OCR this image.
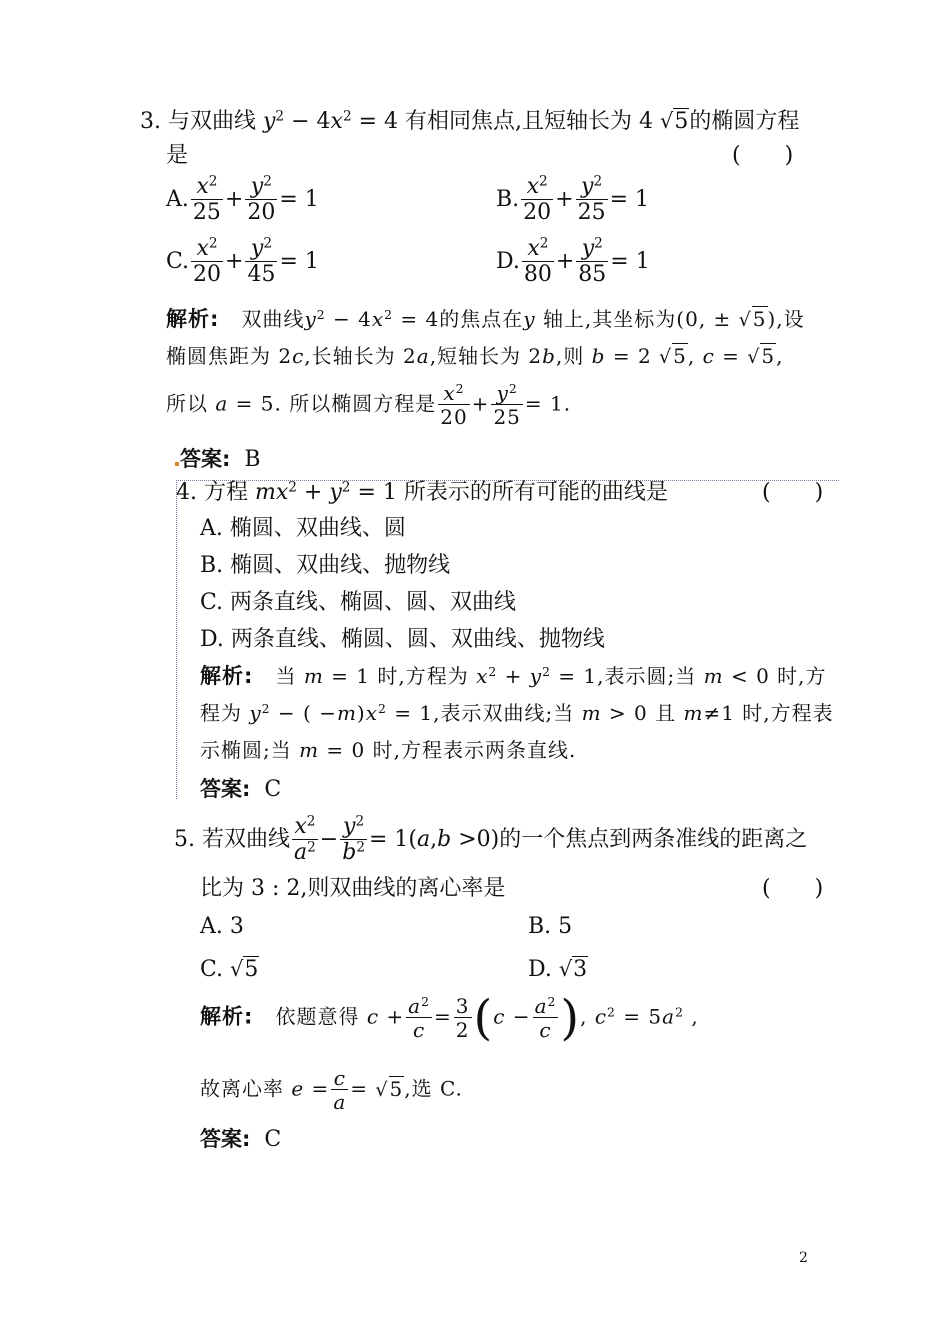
3. 与双曲线 $y^2 - 4x^2 = 4$ 有相同焦点,且短轴长为 4 √5的椭圆方程
是	(　　)
A. $\frac{x^2}{25} + \frac{y^2}{20} = 1$	B. $\frac{x^2}{20} + \frac{y^2}{25} = 1$
C. $\frac{x^2}{20} + \frac{y^2}{45} = 1$	D. $\frac{x^2}{80} + \frac{y^2}{85} = 1$
解析: 双曲线$y^2 - 4x^2 = 4$的焦点在y 轴上,其坐标为(0, ± √5),设
椭圆焦距为 2c,长轴长为 2a,短轴长为 2b,则 b = 2 √5, c = √5,
所以 a = 5. 所以椭圆方程是 $\frac{x^2}{20} + \frac{y^2}{25} = 1$.
答案: B
4. 方程 $mx^2 + y^2 = 1$ 所表示的所有可能的曲线是	(　　)
A. 椭圆、双曲线、圆
B. 椭圆、双曲线、抛物线
C. 两条直线、椭圆、圆、双曲线
D. 两条直线、椭圆、圆、双曲线、抛物线
解析: 当 m = 1 时,方程为 $x^2 + y^2 = 1$,表示圆;当 m < 0 时,方
程为 $y^2$ − ( $-m)x^2 = 1$,表示双曲线;当 m > 0 且 m≠1 时,方程表
示椭圆;当 m = 0 时,方程表示两条直线.
答案: C
5. 若双曲线 $\frac{x^2}{a^2} - \frac{y^2}{b^2} = 1(a,b >0)$的一个焦点到两条准线的距离之
比为 3 : 2,则双曲线的离心率是	(　　)
A. 3	B. 5
C. √5	D. √3
解析: 依题意得 $c + \frac{a^2}{c} = \frac{3}{2} (c - \frac{a^2}{c}$ ), $c^2 = 5a^2$ ,
故离心率 $e = \frac{c}{a} = √5$,选 C.
答案: C
2
